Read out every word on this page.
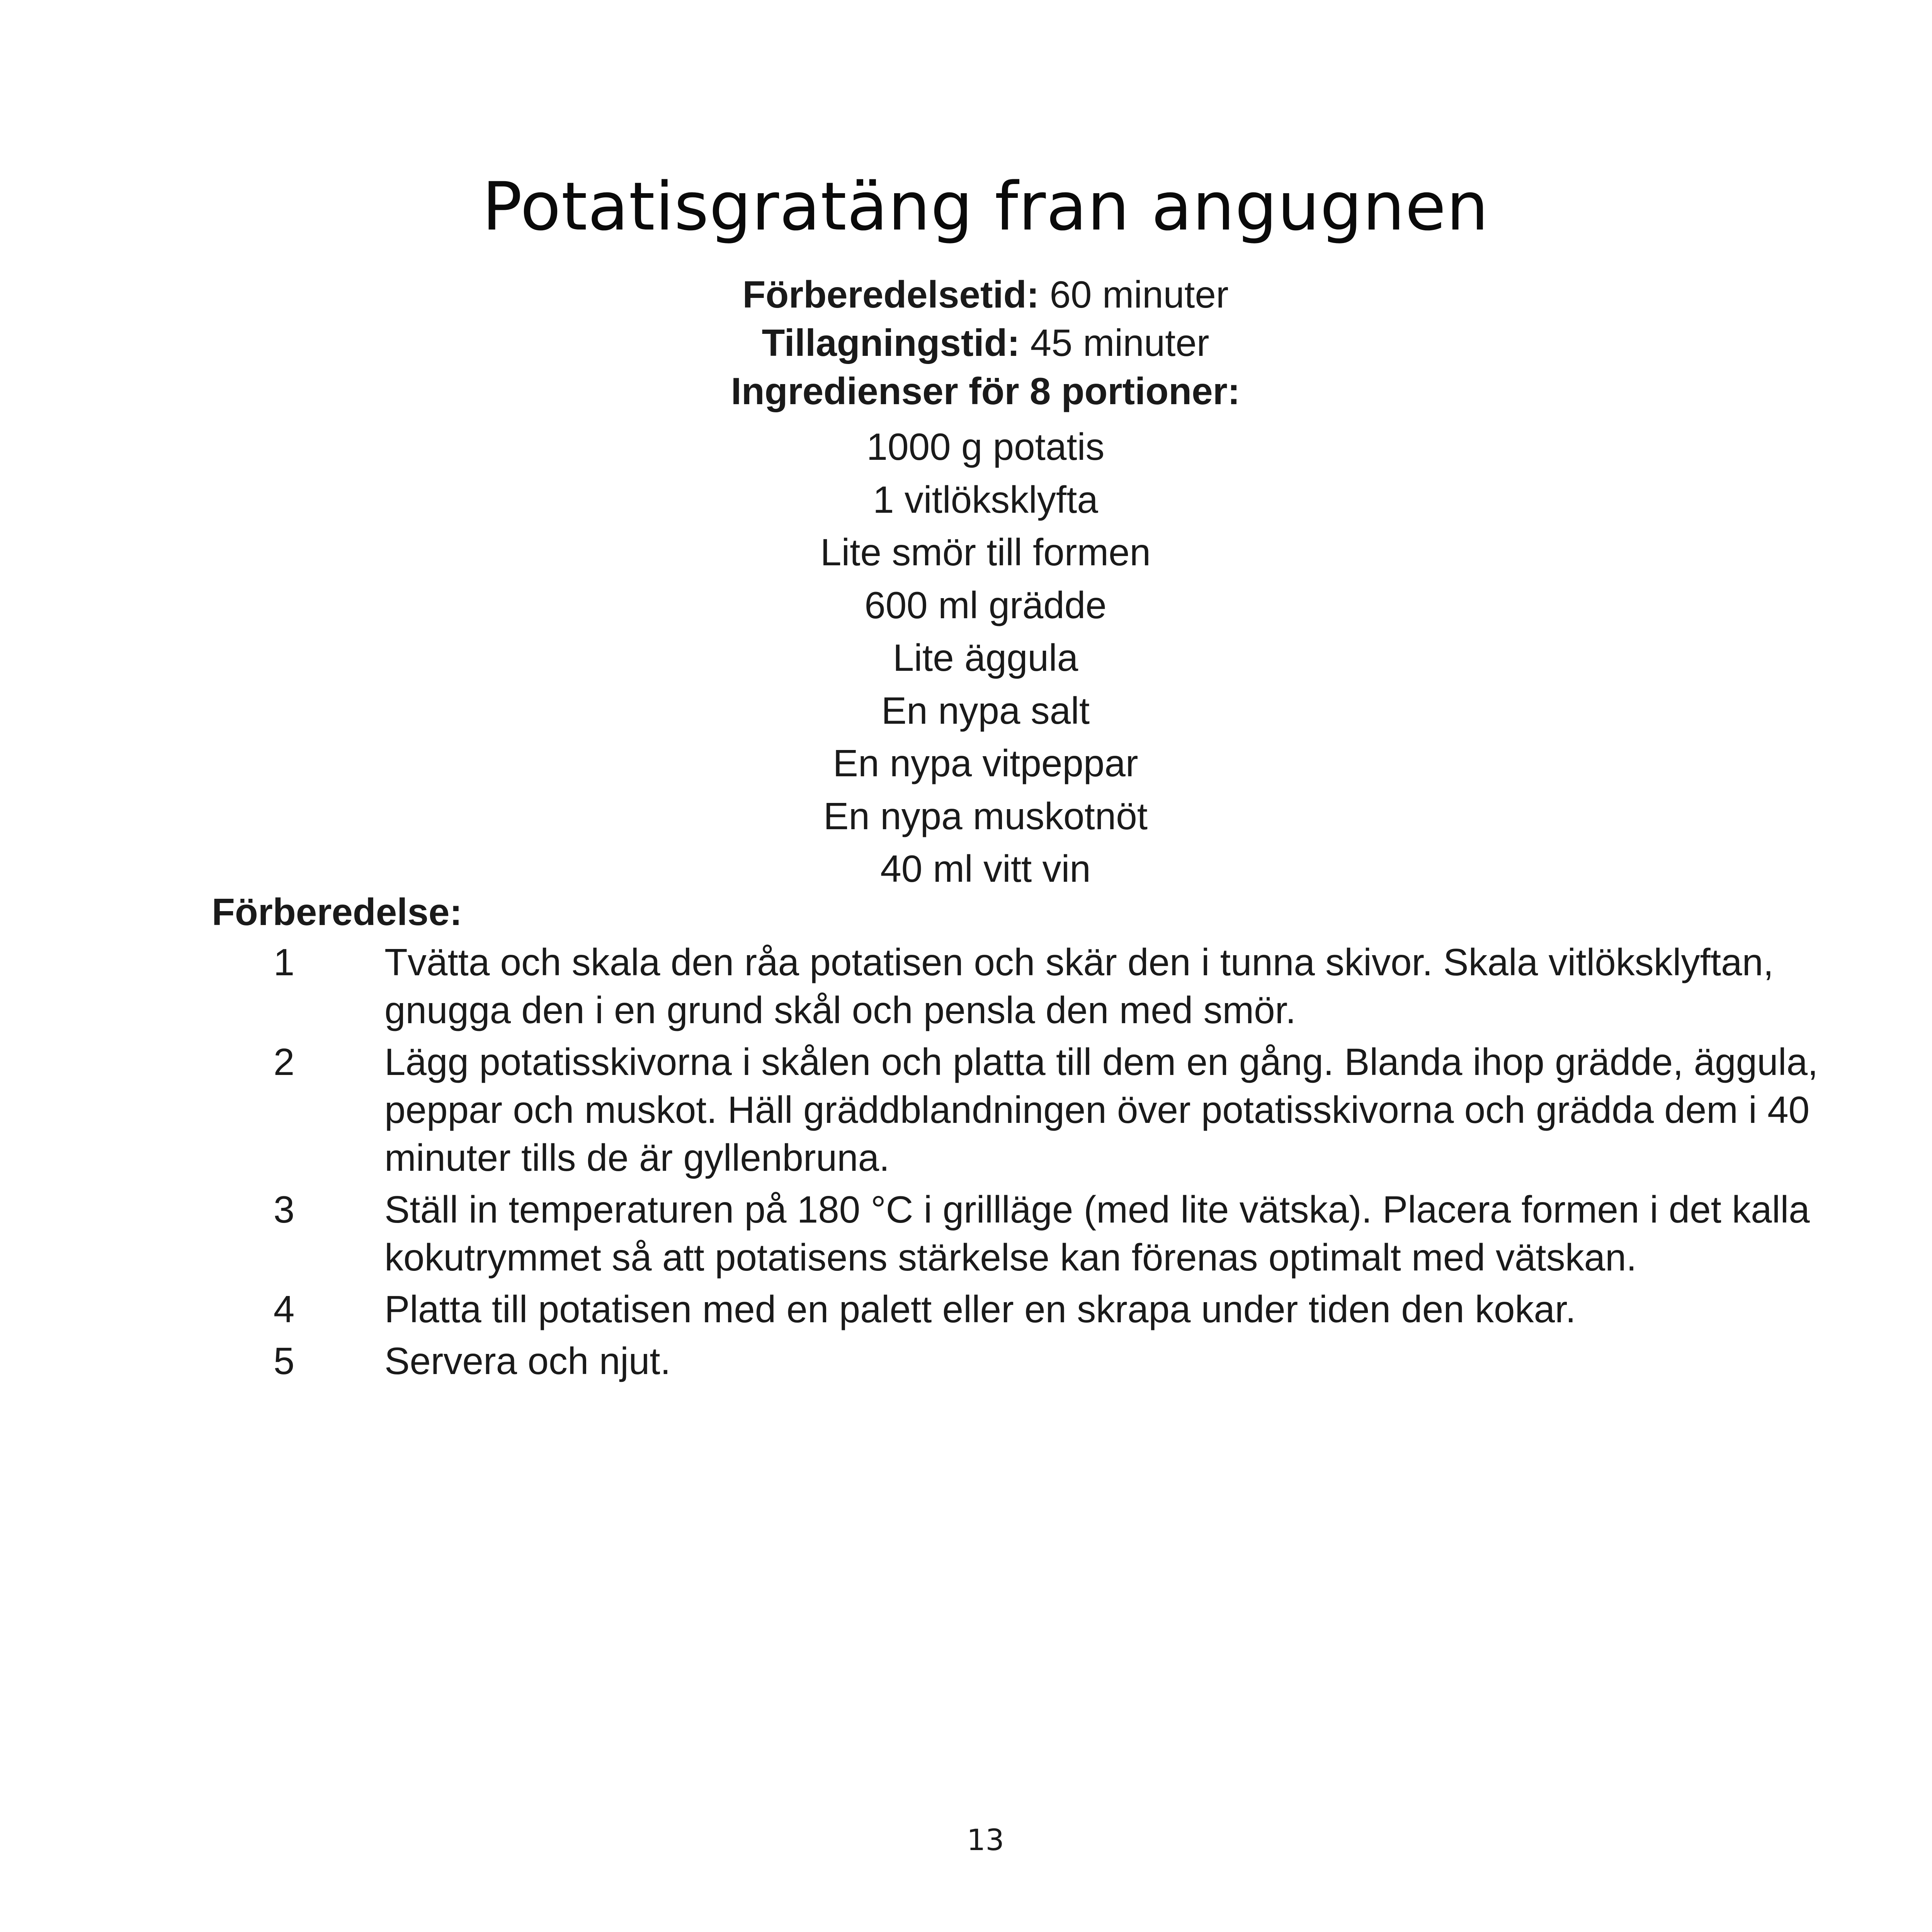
Potatisgratäng fran angugnen
Förberedelsetid: 60 minuter
Tillagningstid: 45 minuter
Ingredienser för 8 portioner:
1000 g potatis
1 vitlöksklyfta
Lite smör till formen
600 ml grädde
Lite äggula
En nypa salt
En nypa vitpeppar
En nypa muskotnöt
40 ml vitt vin
Förberedelse:
1 Tvätta och skala den råa potatisen och skär den i tunna skivor. Skala vitlöksklyftan, gnugga den i en grund skål och pensla den med smör.
2 Lägg potatisskivorna i skålen och platta till dem en gång. Blanda ihop grädde, äggula, peppar och muskot. Häll gräddblandningen över potatisskivorna och grädda dem i 40 minuter tills de är gyllenbruna.
3 Ställ in temperaturen på 180 °C i grillläge (med lite vätska). Placera formen i det kalla kokutrymmet så att potatisens stärkelse kan förenas optimalt med vätskan.
4 Platta till potatisen med en palett eller en skrapa under tiden den kokar.
5 Servera och njut.
13
